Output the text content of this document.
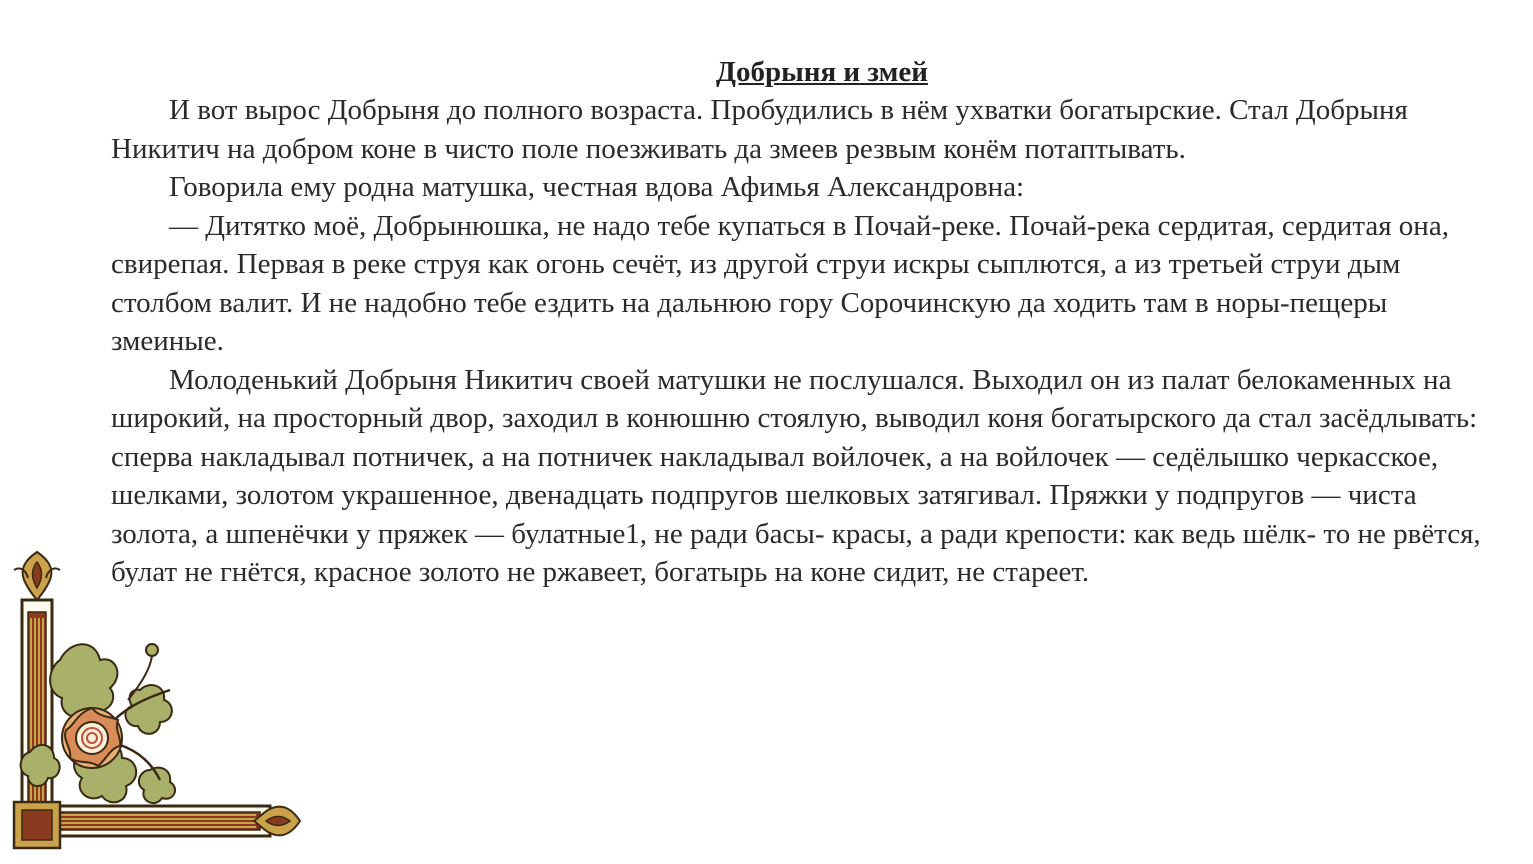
Добрыня и змей

И вот вырос Добрыня до полного возраста. Пробудились в нём ухватки богатырские. Стал Добрыня Никитич на добром коне в чисто поле поезживать да змеев резвым конём потаптывать.

Говорила ему родна матушка, честная вдова Афимья Александровна:

— Дитятко моё, Добрынюшка, не надо тебе купаться в Почай-реке. Почай-река сердитая, сердитая она, свирепая. Первая в реке струя как огонь сечёт, из другой струи искры сыплются, а из третьей струи дым столбом валит. И не надобно тебе ездить на дальнюю гору Сорочинскую да ходить там в норы-пещеры змеиные.

Молоденький Добрыня Никитич своей матушки не послушался. Выходил он из палат белокаменных на широкий, на просторный двор, заходил в конюшню стоялую, выводил коня богатырского да стал засёдлывать: сперва накладывал потничек, а на потничек накладывал войлочек, а на войлочек — седёлышко черкасское, шелками, золотом украшенное, двенадцать подпругов шелковых затягивал. Пряжки у подпругов — чиста золота, а шпенёчки у пряжек — булатные1, не ради басы- красы, а ради крепости: как ведь шёлк- то не рвётся, булат не гнётся, красное золото не ржавеет, богатырь на коне сидит, не стареет.
